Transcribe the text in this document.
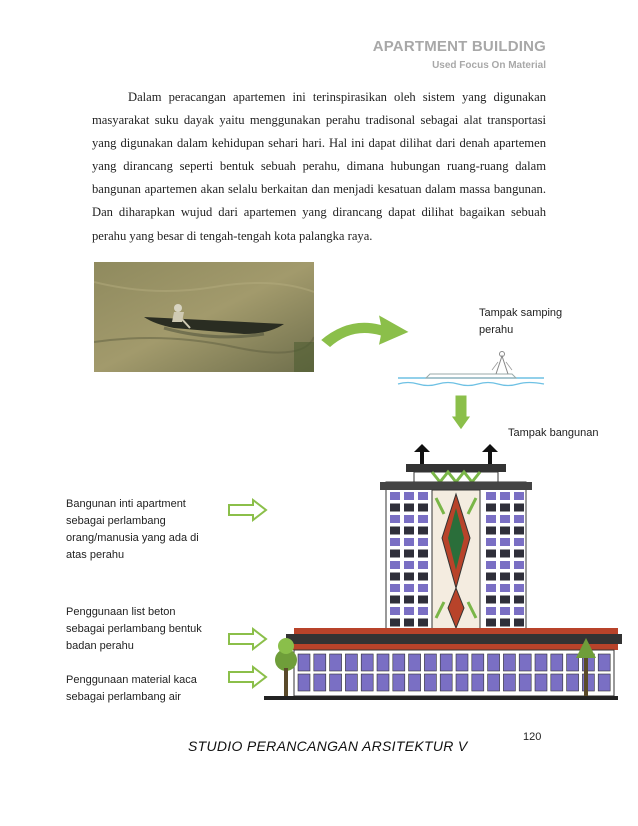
APARTMENT BUILDING
Used Focus On Material

Dalam peracangan apartemen ini terinspirasikan oleh sistem yang digunakan masyarakat suku dayak yaitu menggunakan perahu tradisonal sebagai alat transportasi yang digunakan dalam kehidupan sehari hari. Hal ini dapat dilihat dari denah apartemen yang dirancang seperti bentuk sebuah perahu, dimana hubungan ruang-ruang dalam bangunan apartemen akan selalu berkaitan dan menjadi kesatuan dalam massa bangunan. Dan diharapkan wujud dari apartemen yang dirancang dapat dilihat bagaikan sebuah perahu yang besar di tengah-tengah kota palangka raya.

Tampak samping perahu
Tampak bangunan
Bangunan inti apartment sebagai perlambang orang/manusia yang ada di atas perahu
Penggunaan list beton sebagai perlambang bentuk badan perahu
Penggunaan material kaca sebagai perlambang air
STUDIO PERANCANGAN ARSITEKTUR V
120
